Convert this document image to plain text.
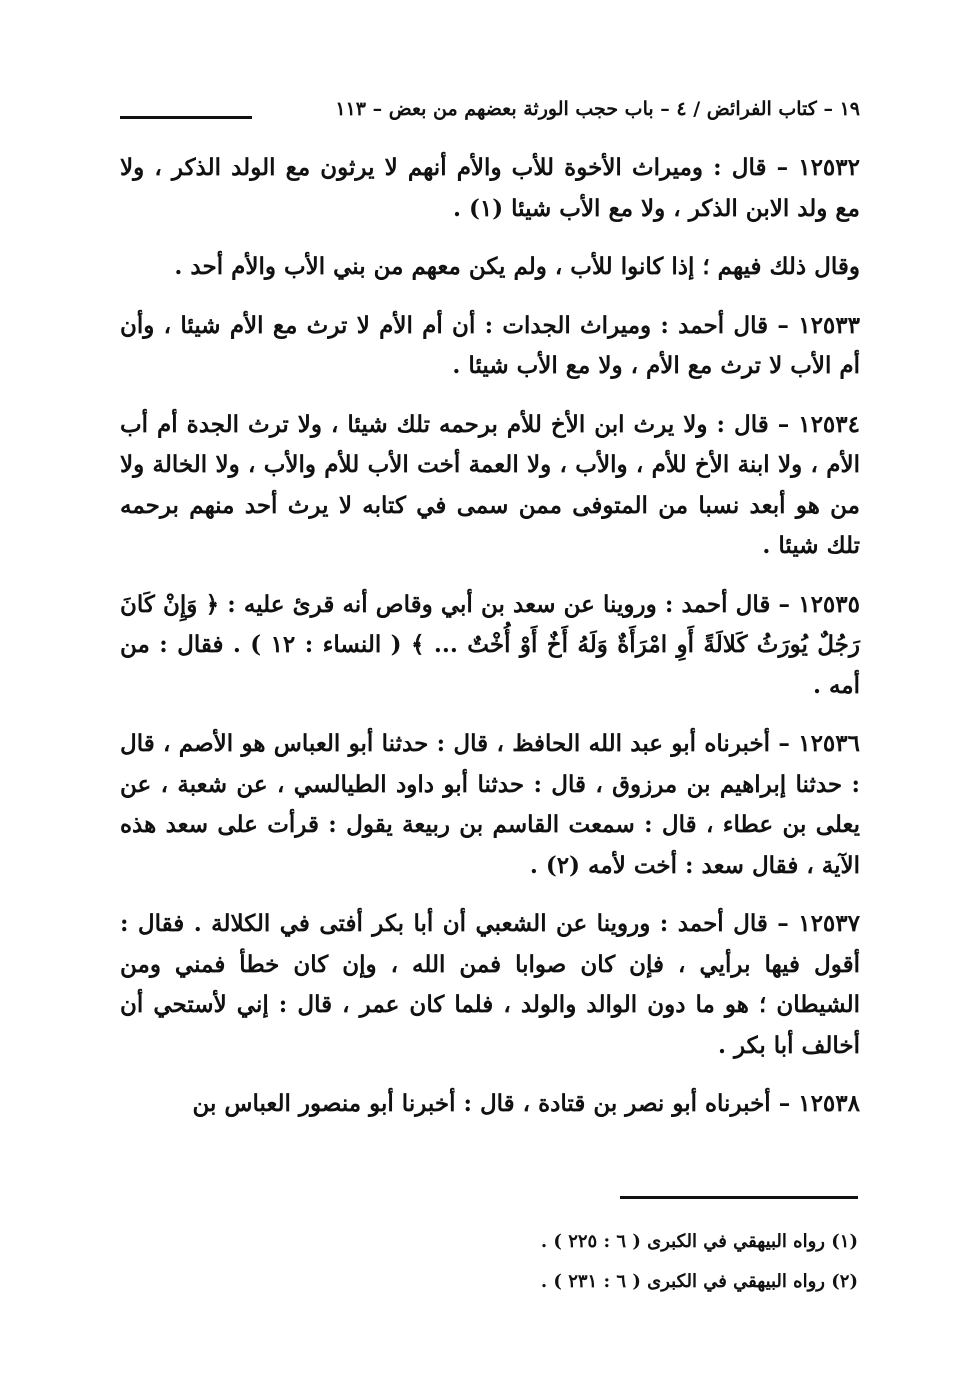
١٩ – كتاب الفرائض / ٤ – باب حجب الورثة بعضهم من بعض – ١١٣

١٢٥٣٢ – قال : وميراث الأخوة للأب والأم أنهم لا يرثون مع الولد الذكر ، ولا مع ولد الابن الذكر ، ولا مع الأب شيئا (١) .

وقال ذلك فيهم ؛ إذا كانوا للأب ، ولم يكن معهم من بني الأب والأم أحد .

١٢٥٣٣ – قال أحمد : وميراث الجدات : أن أم الأم لا ترث مع الأم شيئا ، وأن أم الأب لا ترث مع الأم ، ولا مع الأب شيئا .

١٢٥٣٤ – قال : ولا يرث ابن الأخ للأم برحمه تلك شيئا ، ولا ترث الجدة أم أب الأم ، ولا ابنة الأخ للأم ، والأب ، ولا العمة أخت الأب للأم والأب ، ولا الخالة ولا من هو أبعد نسبا من المتوفى ممن سمى في كتابه لا يرث أحد منهم برحمه تلك شيئا .

١٢٥٣٥ – قال أحمد : وروينا عن سعد بن أبي وقاص أنه قرئ عليه : ﴿ وَإِنْ كَانَ رَجُلٌ يُورَثُ كَلالَةً أَوِ امْرَأَةٌ وَلَهُ أَخٌ أَوْ أُخْتٌ ... ﴾ ( النساء : ١٢ ) . فقال : من أمه .

١٢٥٣٦ – أخبرناه أبو عبد الله الحافظ ، قال : حدثنا أبو العباس هو الأصم ، قال : حدثنا إبراهيم بن مرزوق ، قال : حدثنا أبو داود الطيالسي ، عن شعبة ، عن يعلى بن عطاء ، قال : سمعت القاسم بن ربيعة يقول : قرأت على سعد هذه الآية ، فقال سعد : أخت لأمه (٢) .

١٢٥٣٧ – قال أحمد : وروينا عن الشعبي أن أبا بكر أفتى في الكلالة . فقال : أقول فيها برأيي ، فإن كان صوابا فمن الله ، وإن كان خطأ فمني ومن الشيطان ؛ هو ما دون الوالد والولد ، فلما كان عمر ، قال : إني لأستحي أن أخالف أبا بكر .

١٢٥٣٨ – أخبرناه أبو نصر بن قتادة ، قال : أخبرنا أبو منصور العباس بن

(١) رواه البيهقي في الكبرى ( ٦ : ٢٢٥ ) .

(٢) رواه البيهقي في الكبرى ( ٦ : ٢٣١ ) .
